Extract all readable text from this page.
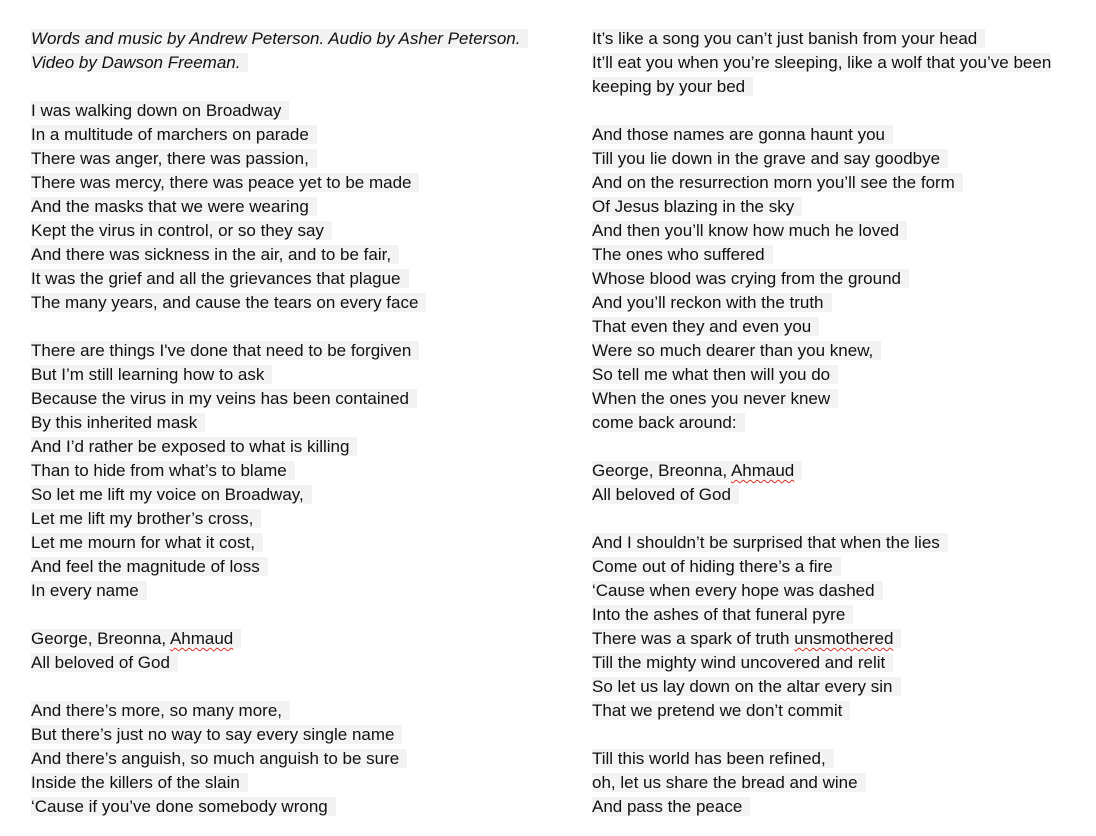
Words and music by Andrew Peterson. Audio by Asher Peterson.
Video by Dawson Freeman.
I was walking down on Broadway
In a multitude of marchers on parade
There was anger, there was passion,
There was mercy, there was peace yet to be made
And the masks that we were wearing
Kept the virus in control, or so they say
And there was sickness in the air, and to be fair,
It was the grief and all the grievances that plague
The many years, and cause the tears on every face
There are things I've done that need to be forgiven
But I’m still learning how to ask
Because the virus in my veins has been contained
By this inherited mask
And I’d rather be exposed to what is killing
Than to hide from what’s to blame
So let me lift my voice on Broadway,
Let me lift my brother’s cross,
Let me mourn for what it cost,
And feel the magnitude of loss
In every name
George, Breonna, Ahmaud
All beloved of God
And there’s more, so many more,
But there’s just no way to say every single name
And there’s anguish, so much anguish to be sure
Inside the killers of the slain
‘Cause if you’ve done somebody wrong
It’s like a song you can’t just banish from your head
It’ll eat you when you’re sleeping, like a wolf that you’ve been keeping by your bed
And those names are gonna haunt you
Till you lie down in the grave and say goodbye
And on the resurrection morn you’ll see the form
Of Jesus blazing in the sky
And then you’ll know how much he loved
The ones who suffered
Whose blood was crying from the ground
And you’ll reckon with the truth
That even they and even you
Were so much dearer than you knew,
So tell me what then will you do
When the ones you never knew
come back around:
George, Breonna, Ahmaud
All beloved of God
And I shouldn’t be surprised that when the lies
Come out of hiding there’s a fire
‘Cause when every hope was dashed
Into the ashes of that funeral pyre
There was a spark of truth unsmothered
Till the mighty wind uncovered and relit
So let us lay down on the altar every sin
That we pretend we don’t commit
Till this world has been refined,
oh, let us share the bread and wine
And pass the peace
